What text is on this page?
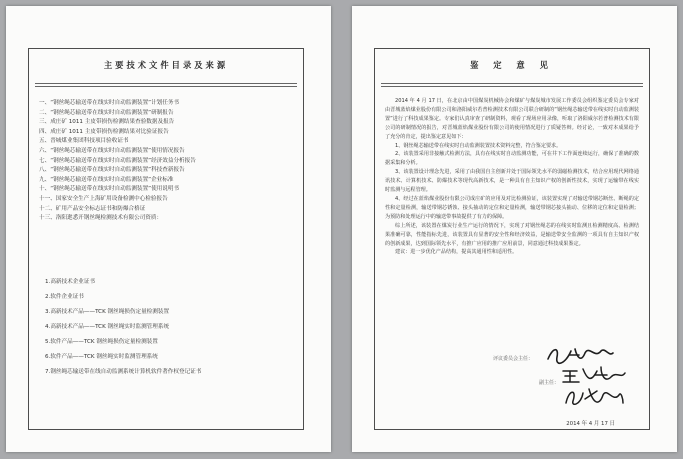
主要技术文件目录及来源
一、“钢丝绳芯输送带在线实时自动监测装置”计划任务书
二、“钢丝绳芯输送带在线实时自动监测装置”研制报告
三、成庄矿 1011 主皮带损伤检测结果查验数据及报告
四、成庄矿 1011 主皮带损伤检测结果对比验证报告
五、晋城煤业集团科技项目验收证书
六、“钢丝绳芯输送带在线实时自动监测装置”使用情况报告
七、“钢丝绳芯输送带在线实时自动监测装置”经济效益分析报告
八、“钢丝绳芯输送带在线实时自动监测装置”科技查新报告
九、“钢丝绳芯输送带在线实时自动监测装置”企业标准
十、“钢丝绳芯输送带在线实时自动监测装置”使用说明书
十一、国家安全生产上海矿用设备检测中心检验报告
十二、矿用产品安全标志证书和防爆合格证
十三、洛阳逖悉开钢丝绳检测技术有限公司资质：
1.高新技术企业证书
2.软件企业证书
3.高新技术产品——TCK 钢丝绳损伤定量检测装置
4.高新技术产品——TCK 钢丝绳实时监测管理系统
5.软件产品——TCK 钢丝绳损伤定量检测装置
6.软件产品——TCK 钢丝绳实时监测管理系统
7.钢丝绳芯输送带在线自动监测系统计算机软件著作权登记证书
鉴 定 意 见

2014 年 4 月 17 日，在北京由中国煤炭机械协会和煤矿与煤炭城市发展工作委员会组织鉴定委员会专家对由晋城蓝焰煤业股份有限公司和洛阳威尔若普检测技术有限公司联合研制的“钢丝绳芯输送带在线实时自动监测装置”进行了科技成果鉴定。专家们认真审查了研制资料，观看了现场应用录像，听取了洛阳威尔若普检测技术有限公司的研制情况的报告，对晋城蓝焰煤业股份有限公司的使用情况进行了质疑答辩。经讨论，一致对本成果给予了充分的肯定，提出鉴定意见如下：

1、钢丝绳芯输送带在线实时自动监测装置技术资料完整，符合鉴定要求。

2、该装置采用非接触式检测方法，具有在线实时自动监测功能，可在井下工作面连续运行，确保了准确的数据采集和分析。

3、该装置设计理念先进，采用了由我国自主创新并处于国际领先水平的弱磁检测技术，结合应用现代网络通讯技术、计算机技术、防爆技术等现代高新技术，是一种具有自主知识产权的创新性技术，实现了运输带在线实时监测与远程管理。

4、经过在蓝焰煤业股份有限公司成庄矿的应用及对比检测验证，该装置实现了对输送带钢芯断丝、断绳的定性和定量检测，输送带钢芯锈蚀、接头抽动的定位和定量检测，输送带钢芯接头抽动、位移的定位和定量检测；为预防和处理运行中的输送带事故提供了有力的保障。

综上所述，该装置在煤炭行业生产运行的情况下，实现了对钢丝绳芯的在线实时监测且检测精度高、检测结果准确可靠，性能指标先进，该装置具有显著的安全性和经济效益，是输送带安全监测的一项具有自主知识产权的创新成果，达到国际领先水平，有推广应用的推广应用前景，同意通过科技成果鉴定。

建议：进一步优化产品结构，提高其通用性和适用性。

评议委员会主任：
副主任：
2014 年 4 月 17 日
